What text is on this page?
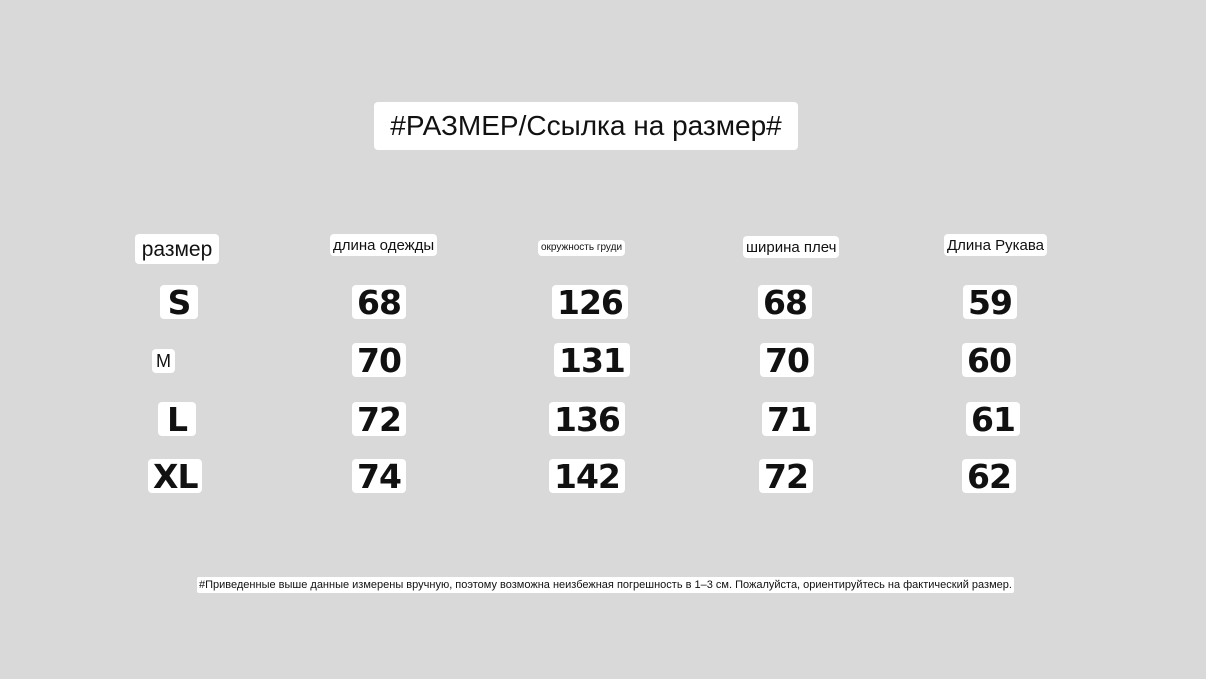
#РАЗМЕР/Ссылка на размер#
размер	длина одежды	окружность груди	ширина плеч	Длина Рукава
S	68	126	68	59
M	70	131	70	60
L	72	136	71	61
XL	74	142	72	62
#Приведенные выше данные измерены вручную, поэтому возможна неизбежная погрешность в 1–3 см. Пожалуйста, ориентируйтесь на фактический размер.
